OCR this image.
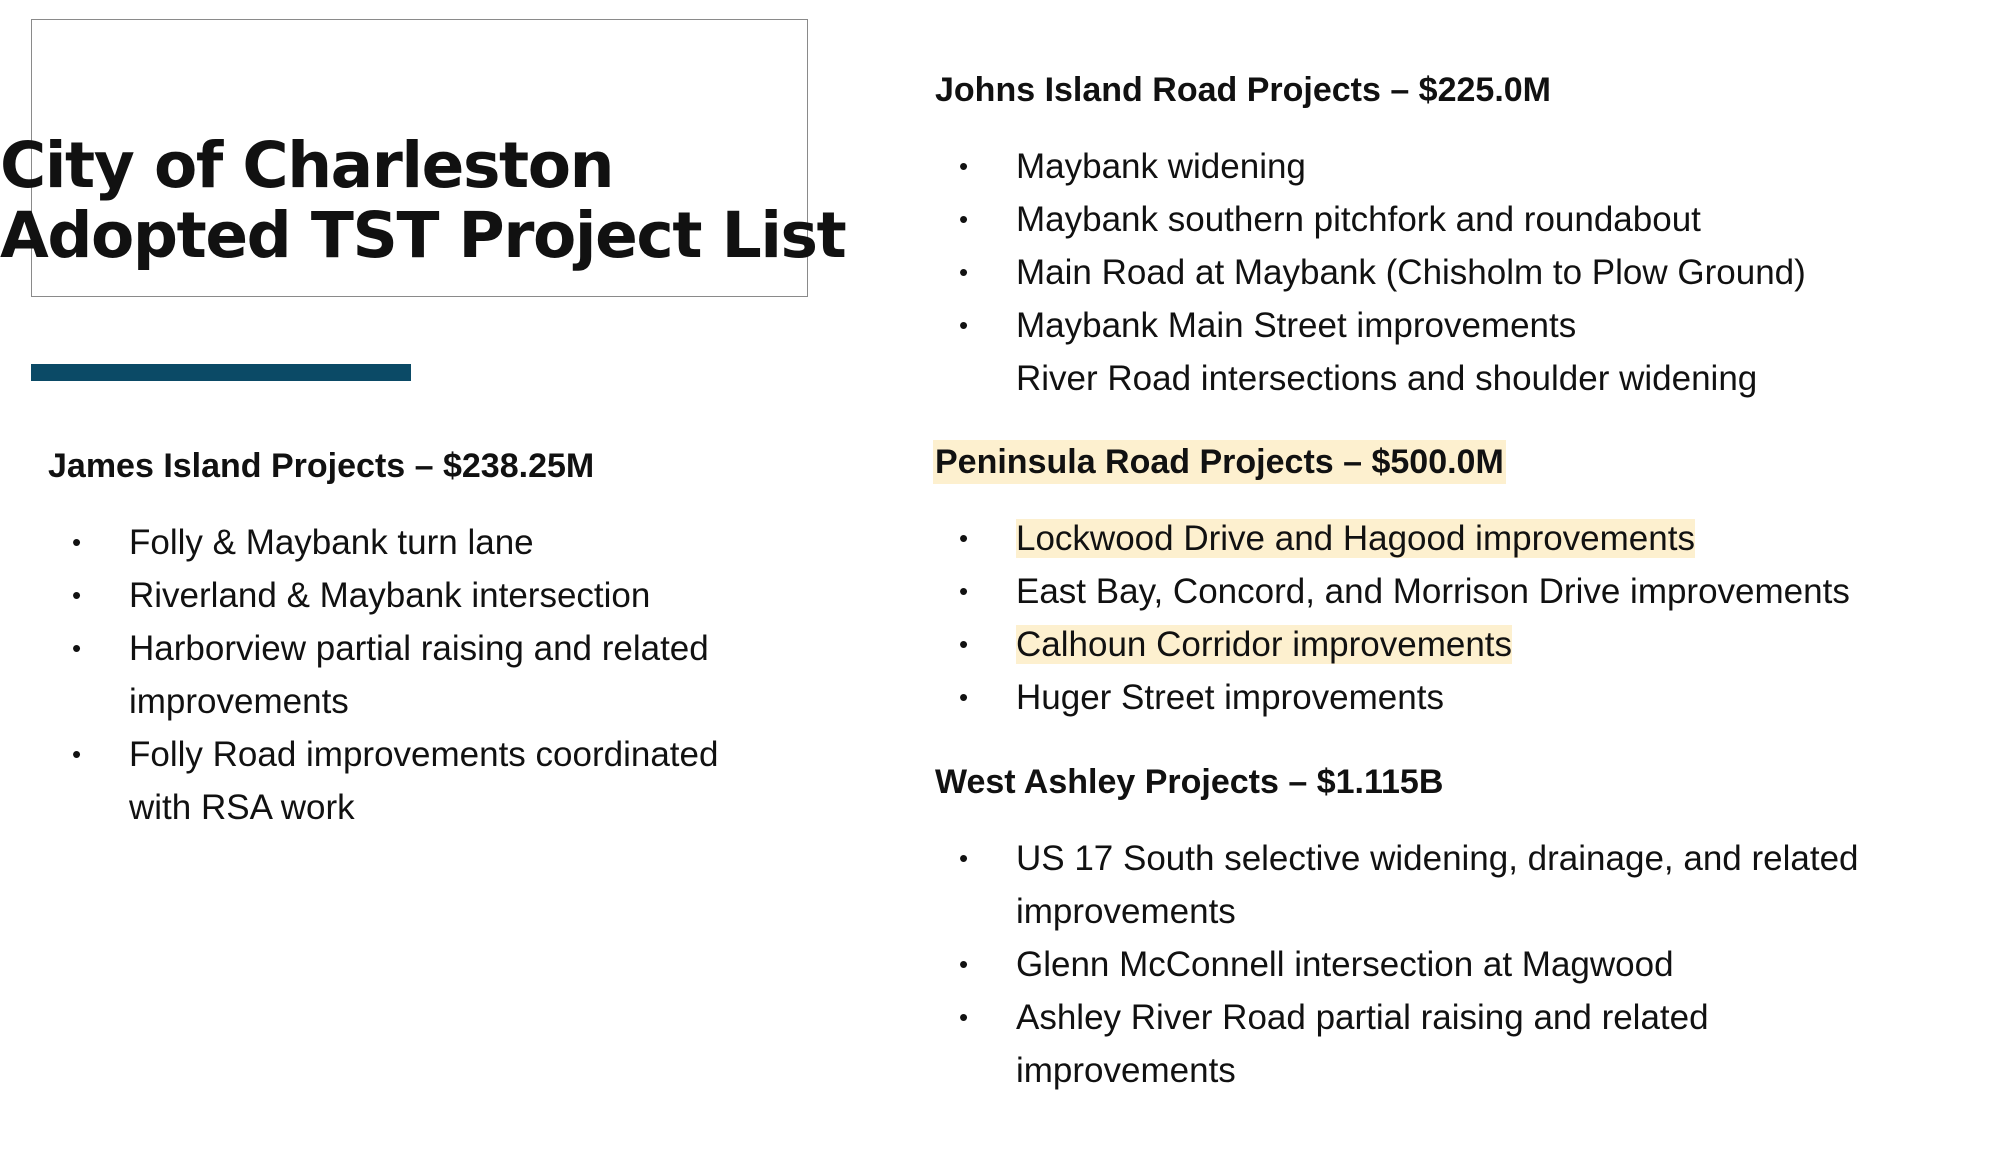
City of Charleston
Adopted TST Project List
James Island Projects – $238.25M
• Folly & Maybank turn lane
• Riverland & Maybank intersection
• Harborview partial raising and related
improvements
• Folly Road improvements coordinated
with RSA work
Johns Island Road Projects – $225.0M
• Maybank widening
• Maybank southern pitchfork and roundabout
• Main Road at Maybank (Chisholm to Plow Ground)
• Maybank Main Street improvements
River Road intersections and shoulder widening
Peninsula Road Projects – $500.0M
• Lockwood Drive and Hagood improvements
• East Bay, Concord, and Morrison Drive improvements
• Calhoun Corridor improvements
• Huger Street improvements
West Ashley Projects – $1.115B
• US 17 South selective widening, drainage, and related
improvements
• Glenn McConnell intersection at Magwood
• Ashley River Road partial raising and related
improvements
